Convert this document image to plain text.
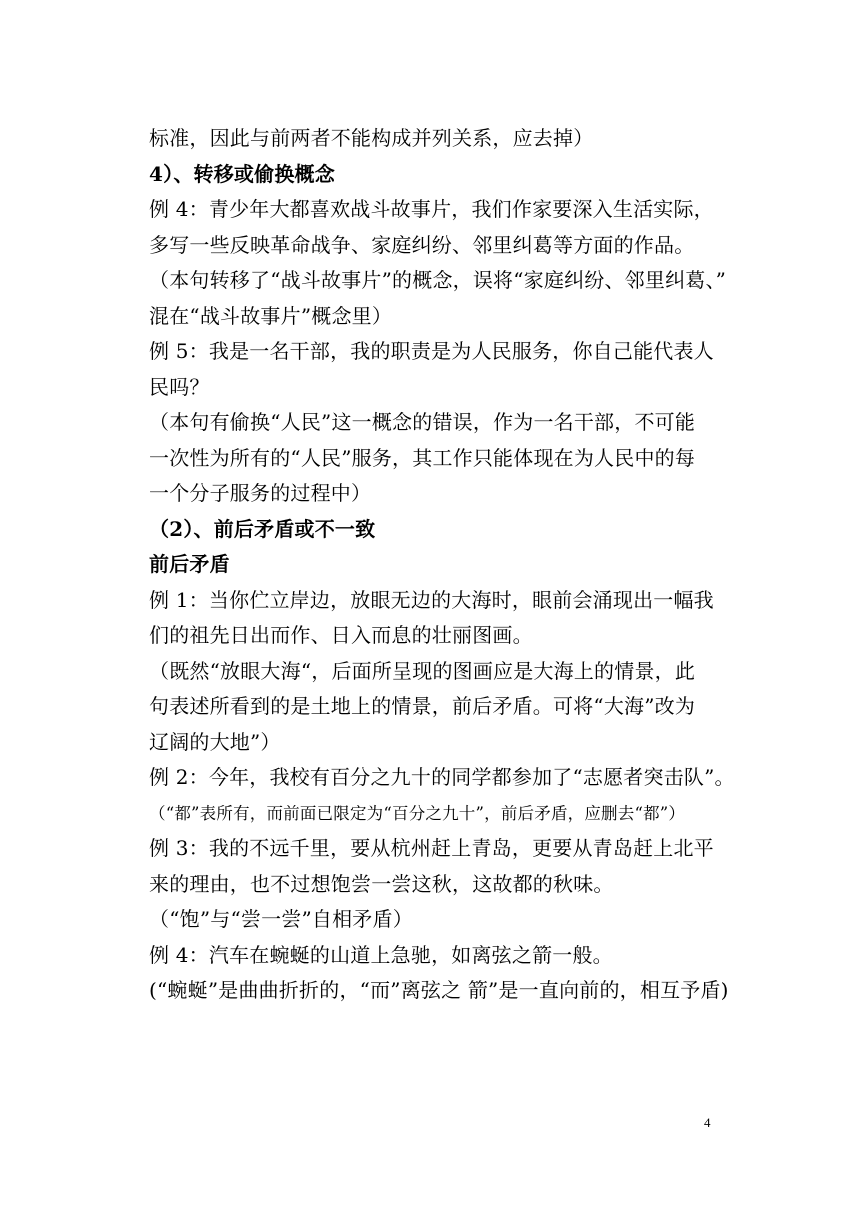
标准，因此与前两者不能构成并列关系，应去掉）
4）、转移或偷换概念
例 4：青少年大都喜欢战斗故事片，我们作家要深入生活实际，
多写一些反映革命战争、家庭纠纷、邻里纠葛等方面的作品。
（本句转移了“战斗故事片”的概念，误将“家庭纠纷、邻里纠葛、”
混在“战斗故事片”概念里）
例 5：我是一名干部，我的职责是为人民服务，你自己能代表人
民吗？
（本句有偷换“人民”这一概念的错误，作为一名干部，不可能
一次性为所有的“人民”服务，其工作只能体现在为人民中的每
一个分子服务的过程中）
（2）、前后矛盾或不一致
前后矛盾
例 1：当你伫立岸边，放眼无边的大海时，眼前会涌现出一幅我
们的祖先日出而作、日入而息的壮丽图画。
（既然“放眼大海“，后面所呈现的图画应是大海上的情景，此
句表述所看到的是土地上的情景，前后矛盾。可将“大海”改为
辽阔的大地”）
例 2：今年，我校有百分之九十的同学都参加了“志愿者突击队”。
（“都”表所有，而前面已限定为“百分之九十”，前后矛盾，应删去“都”）
例 3：我的不远千里，要从杭州赶上青岛，更要从青岛赶上北平
来的理由，也不过想饱尝一尝这秋，这故都的秋味。
（“饱”与“尝一尝”自相矛盾）
例 4：汽车在蜿蜒的山道上急驰，如离弦之箭一般。
(“蜿蜒”是曲曲折折的，“而”离弦之 箭”是一直向前的，相互予盾)
4
